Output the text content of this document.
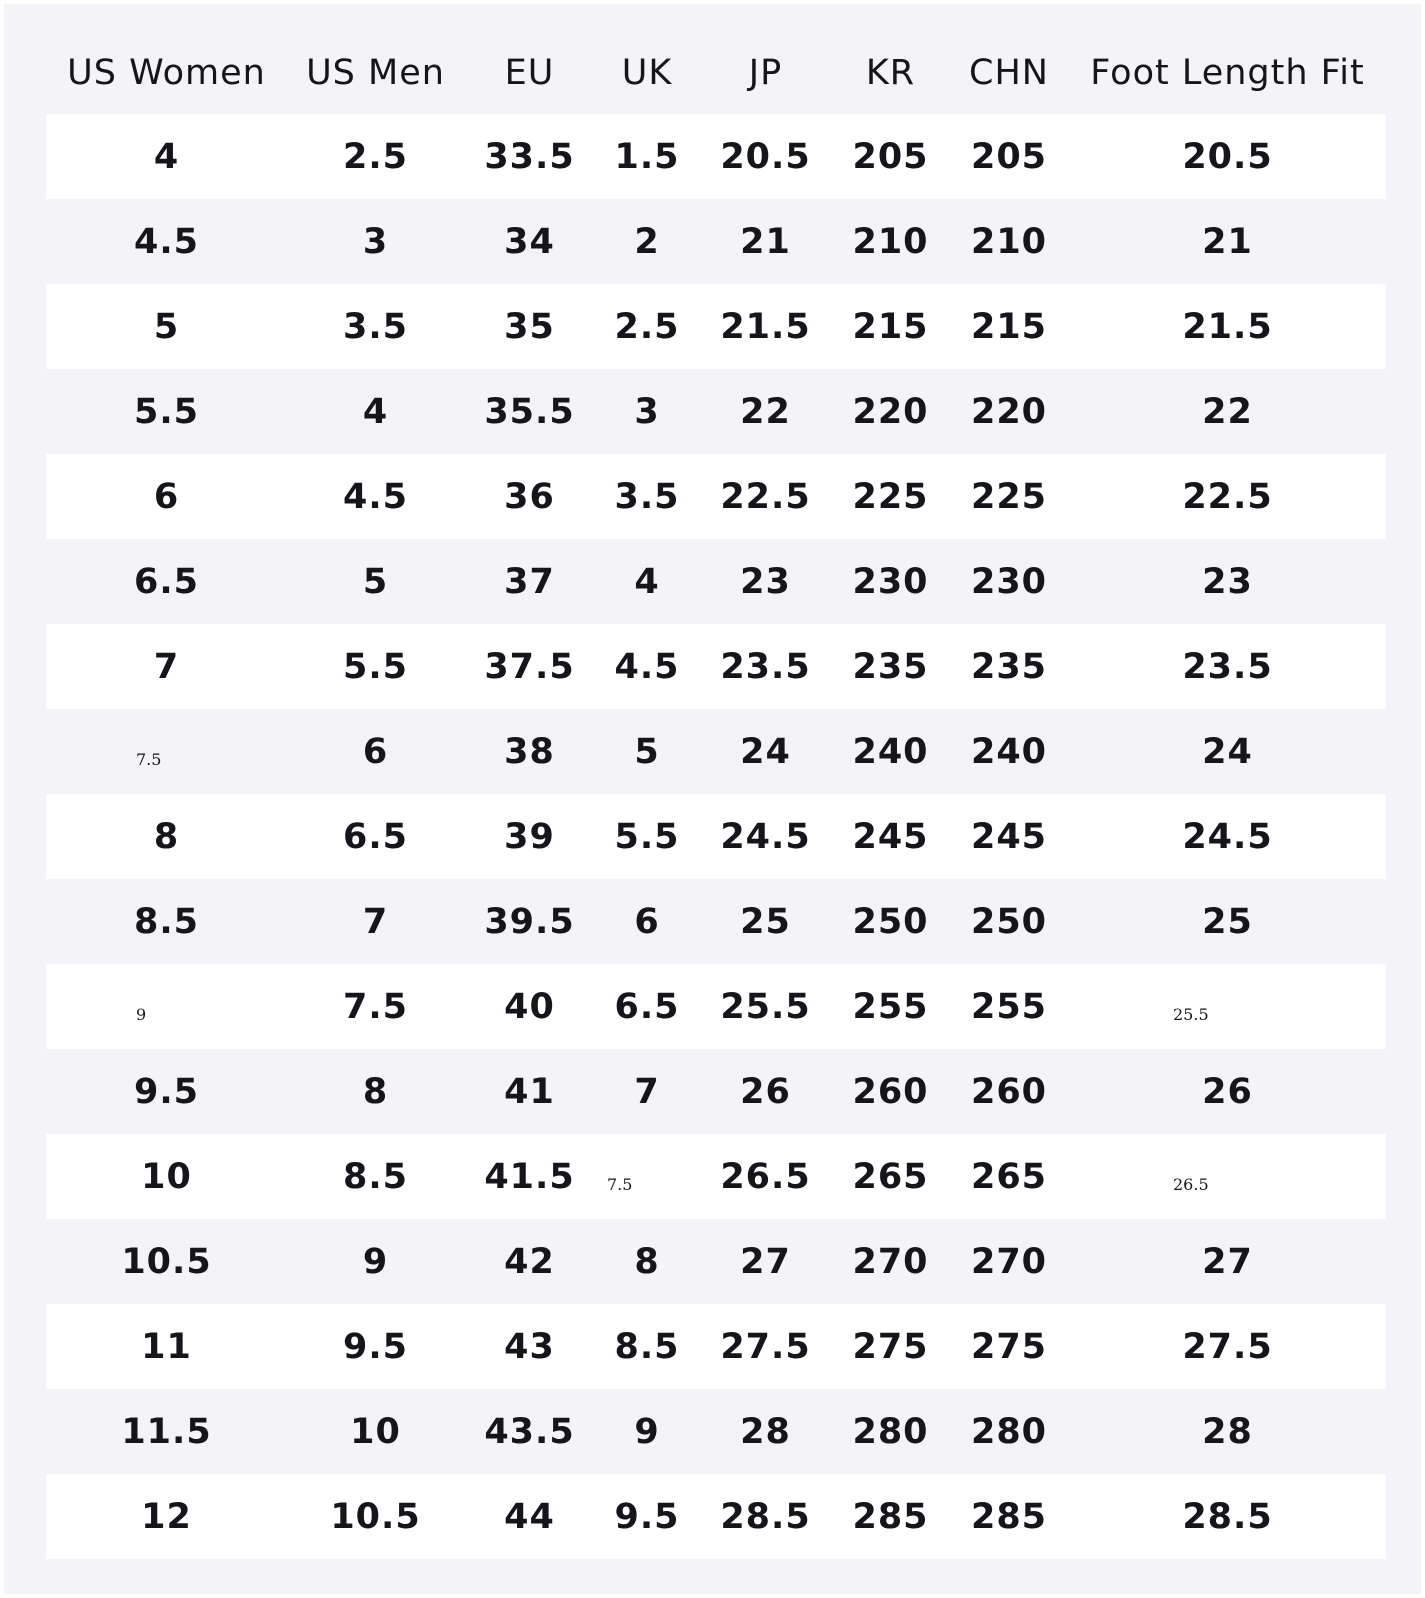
US Women	US Men	EU	UK	JP	KR	CHN	Foot Length Fit
4	2.5	33.5	1.5	20.5	205	205	20.5
4.5	3	34	2	21	210	210	21
5	3.5	35	2.5	21.5	215	215	21.5
5.5	4	35.5	3	22	220	220	22
6	4.5	36	3.5	22.5	225	225	22.5
6.5	5	37	4	23	230	230	23
7	5.5	37.5	4.5	23.5	235	235	23.5
7.5	6	38	5	24	240	240	24
8	6.5	39	5.5	24.5	245	245	24.5
8.5	7	39.5	6	25	250	250	25
9	7.5	40	6.5	25.5	255	255	25.5
9.5	8	41	7	26	260	260	26
10	8.5	41.5	7.5	26.5	265	265	26.5
10.5	9	42	8	27	270	270	27
11	9.5	43	8.5	27.5	275	275	27.5
11.5	10	43.5	9	28	280	280	28
12	10.5	44	9.5	28.5	285	285	28.5
